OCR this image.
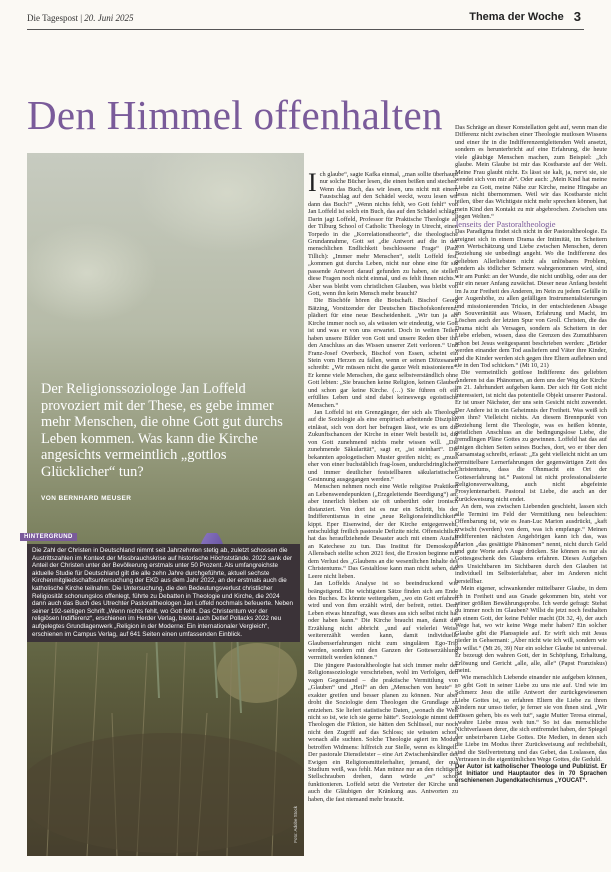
Die Tagespost | 20. Juni 2025	Thema der Woche 3
Den Himmel offenhalten
Der Religionssoziologe Jan Loffeld provoziert mit der These, es gebe immer mehr Menschen, die ohne Gott gut durchs Leben kommen. Was kann die Kirche angesichts vermeintlich „gottlos Glücklicher“ tun?
VON BERNHARD MEUSER
HINTERGRUND
Die Zahl der Christen in Deutschland nimmt seit Jahrzehnten stetig ab, zuletzt schossen die Austrittszahlen im Kontext der Missbrauchskrise auf historische Höchststände. 2022 sank der Anteil der Christen unter der Bevölkerung erstmals unter 50 Prozent. Als umfangreichste aktuelle Studie für Deutschland gilt die alle zehn Jahre durchgeführte, aktuell sechste Kirchenmitgliedschaftsuntersuchung der EKD aus dem Jahr 2022, an der erstmals auch die katholische Kirche teilnahm. Die Untersuchung, die den Bedeutungsverlust christlicher Religiosität schonungslos offenlegt, führte zu Debatten in Theologie und Kirche, die 2024 dann auch das Buch des Utrechter Pastoraltheologen Jan Loffeld nochmals befeuerte. Neben seiner 192-seitigen Schrift „Wenn nichts fehlt, wo Gott fehlt. Das Christentum vor der religiösen Indifferenz“, erschienen im Herder Verlag, bietet auch Detlef Pollacks 2022 neu aufgelegtes Grundlagenwerk „Religion in der Moderne: Ein internationaler Vergleich“, erschienen im Campus Verlag, auf 641 Seiten einen umfassenden Einblick.
Foto: Adobe Stock

Ich glaube“, sagte Kafka einmal, „man sollte überhaupt nur solche Bücher lesen, die einen beißen und stechen. Wenn das Buch, das wir lesen, uns nicht mit einem Faustschlag auf den Schädel weckt, wozu lesen wir dann das Buch?“ „Wenn nichts fehlt, wo Gott fehlt“ von Jan Loffeld ist solch ein Buch, das auf den Schädel schlägt. Darin jagt Loffeld, Professor für Praktische Theologie an der Tilburg School of Catholic Theology in Utrecht, einen Torpedo in die „Korrelationstheorie“, die theologische Grundannahme, Gott sei „die Antwort auf die in der menschlichen Endlichkeit beschlossene Frage“ (Paul Tillich): „Immer mehr Menschen“, stellt Loffeld fest, „kommen gut durchs Leben, nicht nur ohne eine für sie passende Antwort darauf gefunden zu haben, sie stellen diese Fragen noch nicht einmal, und es fehlt ihnen nichts.“ Aber was bleibt vom christlichen Glauben, was bleibt von Gott, wenn ihn kein Mensch mehr braucht?

Die Bischöfe hören die Botschaft. Bischof Georg Bätzing, Vorsitzender der Deutschen Bischofskonferenz, plädiert für eine neue Bescheidenheit. „Wir tun ja als Kirche immer noch so, als wüssten wir eindeutig, wie Gott ist und was er von uns erwartet. Doch in weiten Teilen haben unsere Bilder von Gott und unsere Reden über ihn den Anschluss an das Wissen unserer Zeit verloren.“ Und Franz-Josef Overbeck, Bischof von Essen, scheint ein Stein vom Herzen zu fallen, wenn er seinen Diözesanen schreibt: „Wir müssen nicht die ganze Welt missionieren“. Er kenne viele Menschen, die ganz selbstverständlich ohne Gott lebten: „Sie brauchen keine Religion, keinen Glauben und schon gar keine Kirche. (…) Sie führen oft ein erfülltes Leben und sind dabei keineswegs egoistische Menschen.“

Jan Loffeld ist ein Grenzgänger, der sich als Theologe auf die Soziologie als eine empirisch arbeitende Disziplin einlässt, sich von dort her befragen lässt, wie es um die Zukunftschancen der Kirche in einer Welt bestellt ist, die von Gott zunehmend nichts mehr wissen will. „Die zunehmende Säkularität“, sagt er, „ist steinhart“. Die bekannten apologetischen Muster greifen nicht; es „muss eher von einer buchstäblich frag-losen, undurchdringlichen und immer deutlicher feststellbaren säkularistischen Gesinnung ausgegangen werden.“

Menschen nehmen noch eine Weile religiöse Praktiken an Lebenswendepunkten („Erzgeleitende Beerdigung“) an; aber innerlich bleiben sie oft unberührt oder ironisch distanziert. Von dort ist es nur ein Schritt, bis der Indifferentismus in eine „neue Religionsfeindlichkeit“ kippt. Eper Eisenwind, der der Kirche entgegenweht, entschuldigt freilich pastorale Defizite nicht. Offensichtlich hat das herauflziehende Desaster auch mit einem Ausfall an Katechese zu tun. Das Institut für Demoskopie Allensbach stellte schon 2021 fest, die Erosion beginne mit dem Verlust des „Glaubens an die wesentlichen Inhalte des Christentums.“ Das Gestaltlose kann man nicht sehen, das Leere nicht lieben.

Jan Loffelds Analyse ist so beeindruckend wie beängstigend. Die wichtigsten Sätze finden sich am Ende des Buches. Es könnte weitergehen, „wo ein Gott erfahren wird und von ihm erzählt wird, der befreit, rettet. Dem Leben etwas hinzufügt, was dieses aus sich selbst nicht hat oder haben kann.“ Die Kirche braucht man, damit die Erzählung nicht abbricht „und auf vielerlei Weise weitererzählt werden kann, damit individuelle Glaubenserfahrungen nicht zum singulären Ego-Trip werden, sondern mit den Ganzen der Gotteserzählung vermittelt werden können.“

Die jüngere Pastoraltheologie hat sich immer mehr der Religionssoziologie verschrieben, wohl im Verfolgen, den vagen Gegenstand – die praktische Vermittlung von „Glauben“ und „Heil“ an den „Menschen von heute“ – exakter greifen und besser planen zu können. Nur aber droht die Soziologie dem Theologen die Grundlage zu entziehen. Sie liefert statistische Daten, „wonach die Welt nicht so ist, wie ich sie gerne hätte“. Soziologie nimmt den Theologen die Fiktion, sie hätten den Schlüssel, nur noch nicht den Zugriff auf das Schloss; sie wüssten schon, wonach alle suchten. Solche Theologie agiert im Modus betroffen Widmens: hilfreich zur Stelle, wenn es klingelt. Der pastorale Dienstleister – eine Art Zwischenhändler des Ewigen ein Religionsmittelerhalter, jemand, der qua Studium weiß, was fehlt. Man münze nur an den richtigen Stellschrauben drehen, dann würde „es“ schon funktionieren. Loffeld setzt die Vertreter der Kirche und auch die Gläubigen der Kränkung aus. Antworten zu haben, die fast niemand mehr braucht.

Das Schräge an dieser Konstellation geht auf, wenn man die Differenz nicht zwischen einer Theologie mutlosen Wissens und einer ihr in die Indifferenzentgleitenden Welt ansetzt, sondern es herunterbricht auf eine Erfahrung, die heute viele gläubige Menschen machen, zum Beispiel: „Ich glaube. Mein Glaube ist mir das Kostbarste auf der Welt. Meine Frau glaubt nicht. Es lässt sie kalt, ja, nervt sie, sie wendet sich von mir ab“. Oder auch: „Mein Kind hat meine Liebe zu Gott, meine Nähe zur Kirche, meine Hingabe an Jesus nicht übernommen. Weil wir das Kostbarste nicht teilen, über das Wichtigste nicht mehr sprechen können, hat mein Kind den Kontakt zu mir abgebrochen. Zwischen uns liegen Welten.“

Jenseits der Pastoraltheologie

Das Paradigma findet sich nicht in der Pastoraltheologie. Es ereignet sich in einem Drama der Intimität, im Scheitern von Wertschätzung und Liebe zwischen Menschen, deren Beziehung sie unbedingt angeht. Wo die Indifferenz des geliebten Allerliebsten nicht als unlösbares Problem, sondern als tödlicher Schmerz wahrgenommen wird, sind wir am Punkt: an der Wunde, die nicht unüblig, oder aus der mir ein neuer Anfang zuwächst. Dieser neue Anfang besteht im Ja zur Freiheit des Anderen, im Nein zu jedem Gefälle in der Augenhöhe, zu allen gefälligen Instrumentalisierungen und missionierenden Tricks, in der entschiedenen Absage an Souveränität aus Wissen, Erfahrung und Macht, im Löschen auch der letzten Spur von Groll. Christen, die das Drama nicht als Versagen, sondern als Scheitern in der Liebe erleben, wissen, dass die Grenzen des Zumuthbaren schon bei Jesus weitgespannt beschrieben werden: „Brüder werden einander dem Tod ausliefern und Väter ihre Kinder, und die Kinder werden sich gegen ihre Eltern auflehnen und sie in den Tod schicken.“ (Mt 10, 21)

Die vermeintlich gottlose Indifferenz des geliebten Anderen ist das Phänomen, an dem uns der Weg der Kirche im 21. Jahrhundert aufgeben kann. Der sich für Gott nicht interessiert, ist nicht das potentielle Objekt unserer Pastoral. Er ist unser Nächster, der uns sein Gesicht nicht zuwendet. Der Andere ist in ein Geheimnis der Freiheit. Was weiß ich von ihm? Vielleicht nichts. An diesem Brennpunkt von Beziehung lernt die Theologie, was es heißen könnte, geistlichen Anschluss an die bedingungslose Liebe, die fremdlingen Pläne Gottes zu gewinnen. Loffeld hat das auf einigen dichten Seiten seines Buches, dort, wo er über den Karsamstag schreibt, erfasst: „Es geht vielleicht nicht an um vermittelbare Lernerfahrungen der gegenwärtigen Zeit des Christentums, dass die Ohnmacht ein Ort der Gotteserfahrung ist.“ Pastoral ist nicht professionalisierte Religionsverwaltung, auch nicht abgefeinte Prosylentenarbeit. Pastoral ist Liebe, die auch an der Zurückweisung nicht endet.

An dem, was zwischen Liebenden geschieht, lassen sich alle Termini im Feld der Vermittlung neu beleuchten: Offenbarung ist, wie es Jean-Luc Marion ausdrückt, „kaft erwischt (werden) von dem, was ich empfange.“ Meinen indifferenten nächsten Angehörigen kann ich das, was Marion „das gesättigte Phänomen“ nennt, nicht durch Geld und gute Worte aufs Auge drücken. Sie können es nur als Gottesgeschenk des Glaubens erfahren. Dieses Aufgeben des Unsichtbaren im Sichtbaren durch den Glauben ist individuell im Selbsterfahrbar, aber im Anderen nicht herstellbar.

Mein eigener, schwankender mittelbarer Glaube, in dem ich in Freiheit und aus Gnade gekommen bin, steht vor seiner größten Bewährungsprobe. Ich werde gefragt: Stehst du immer noch im Glauben? Willst du jetzt noch festhalten an einem Gott, der keine Fehler macht (Dt 32, 4), der auch Wege hat, wo wir keine Wege mehr haben? Ein solcher Glaube gibt die Plansspiele auf. Er wirft sich mit Jesus nieder in Gehsemani: „Aber nicht wie ich will, sondern wie du willst.“ (Mt 26, 39) Nur ein solcher Glaube ist universal. Er bezeugt den wahren Gott, der in Schöpfung, Erhaltung, Erlösung und Gericht „alle, alle, alle“ (Papst Franziskus) meint.

Wie menschlich Liebende einander nie aufgeben können, so gibt Gott in seiner Liebe zu uns nie auf. Und wie im Schmerz Jesu die stille Antwort der zurückgewiesenen Liebe Gottes ist, so erfahren Eltern die Liebe zu ihren Kindern nur umso tiefer, je ferner sie von ihnen sind. „Wir müssen gehen, bis es weh tut“, sagte Mutter Teresa einmal, „wahre Liebe muss weh tun.“ So ist das menschliche Nichtverlassen derer, die sich entfremdet haben, der Spiegel der unbeirrbaren Liebe Gottes. Die Medien, in denen sich die Liebe im Modus ihrer Zurückweisung auf rechtbehält, sind die Stellvertretung und das Gebet, das Loslassen, das Vertrauen in die eigentümlichen Wege Gottes, die Geduld.

Der Autor ist katholischer Theologe und Publizist. Er ist Initiator und Hauptautor des in 70 Sprachen erschienenen Jugendkatechismus „YOUCAT“.
